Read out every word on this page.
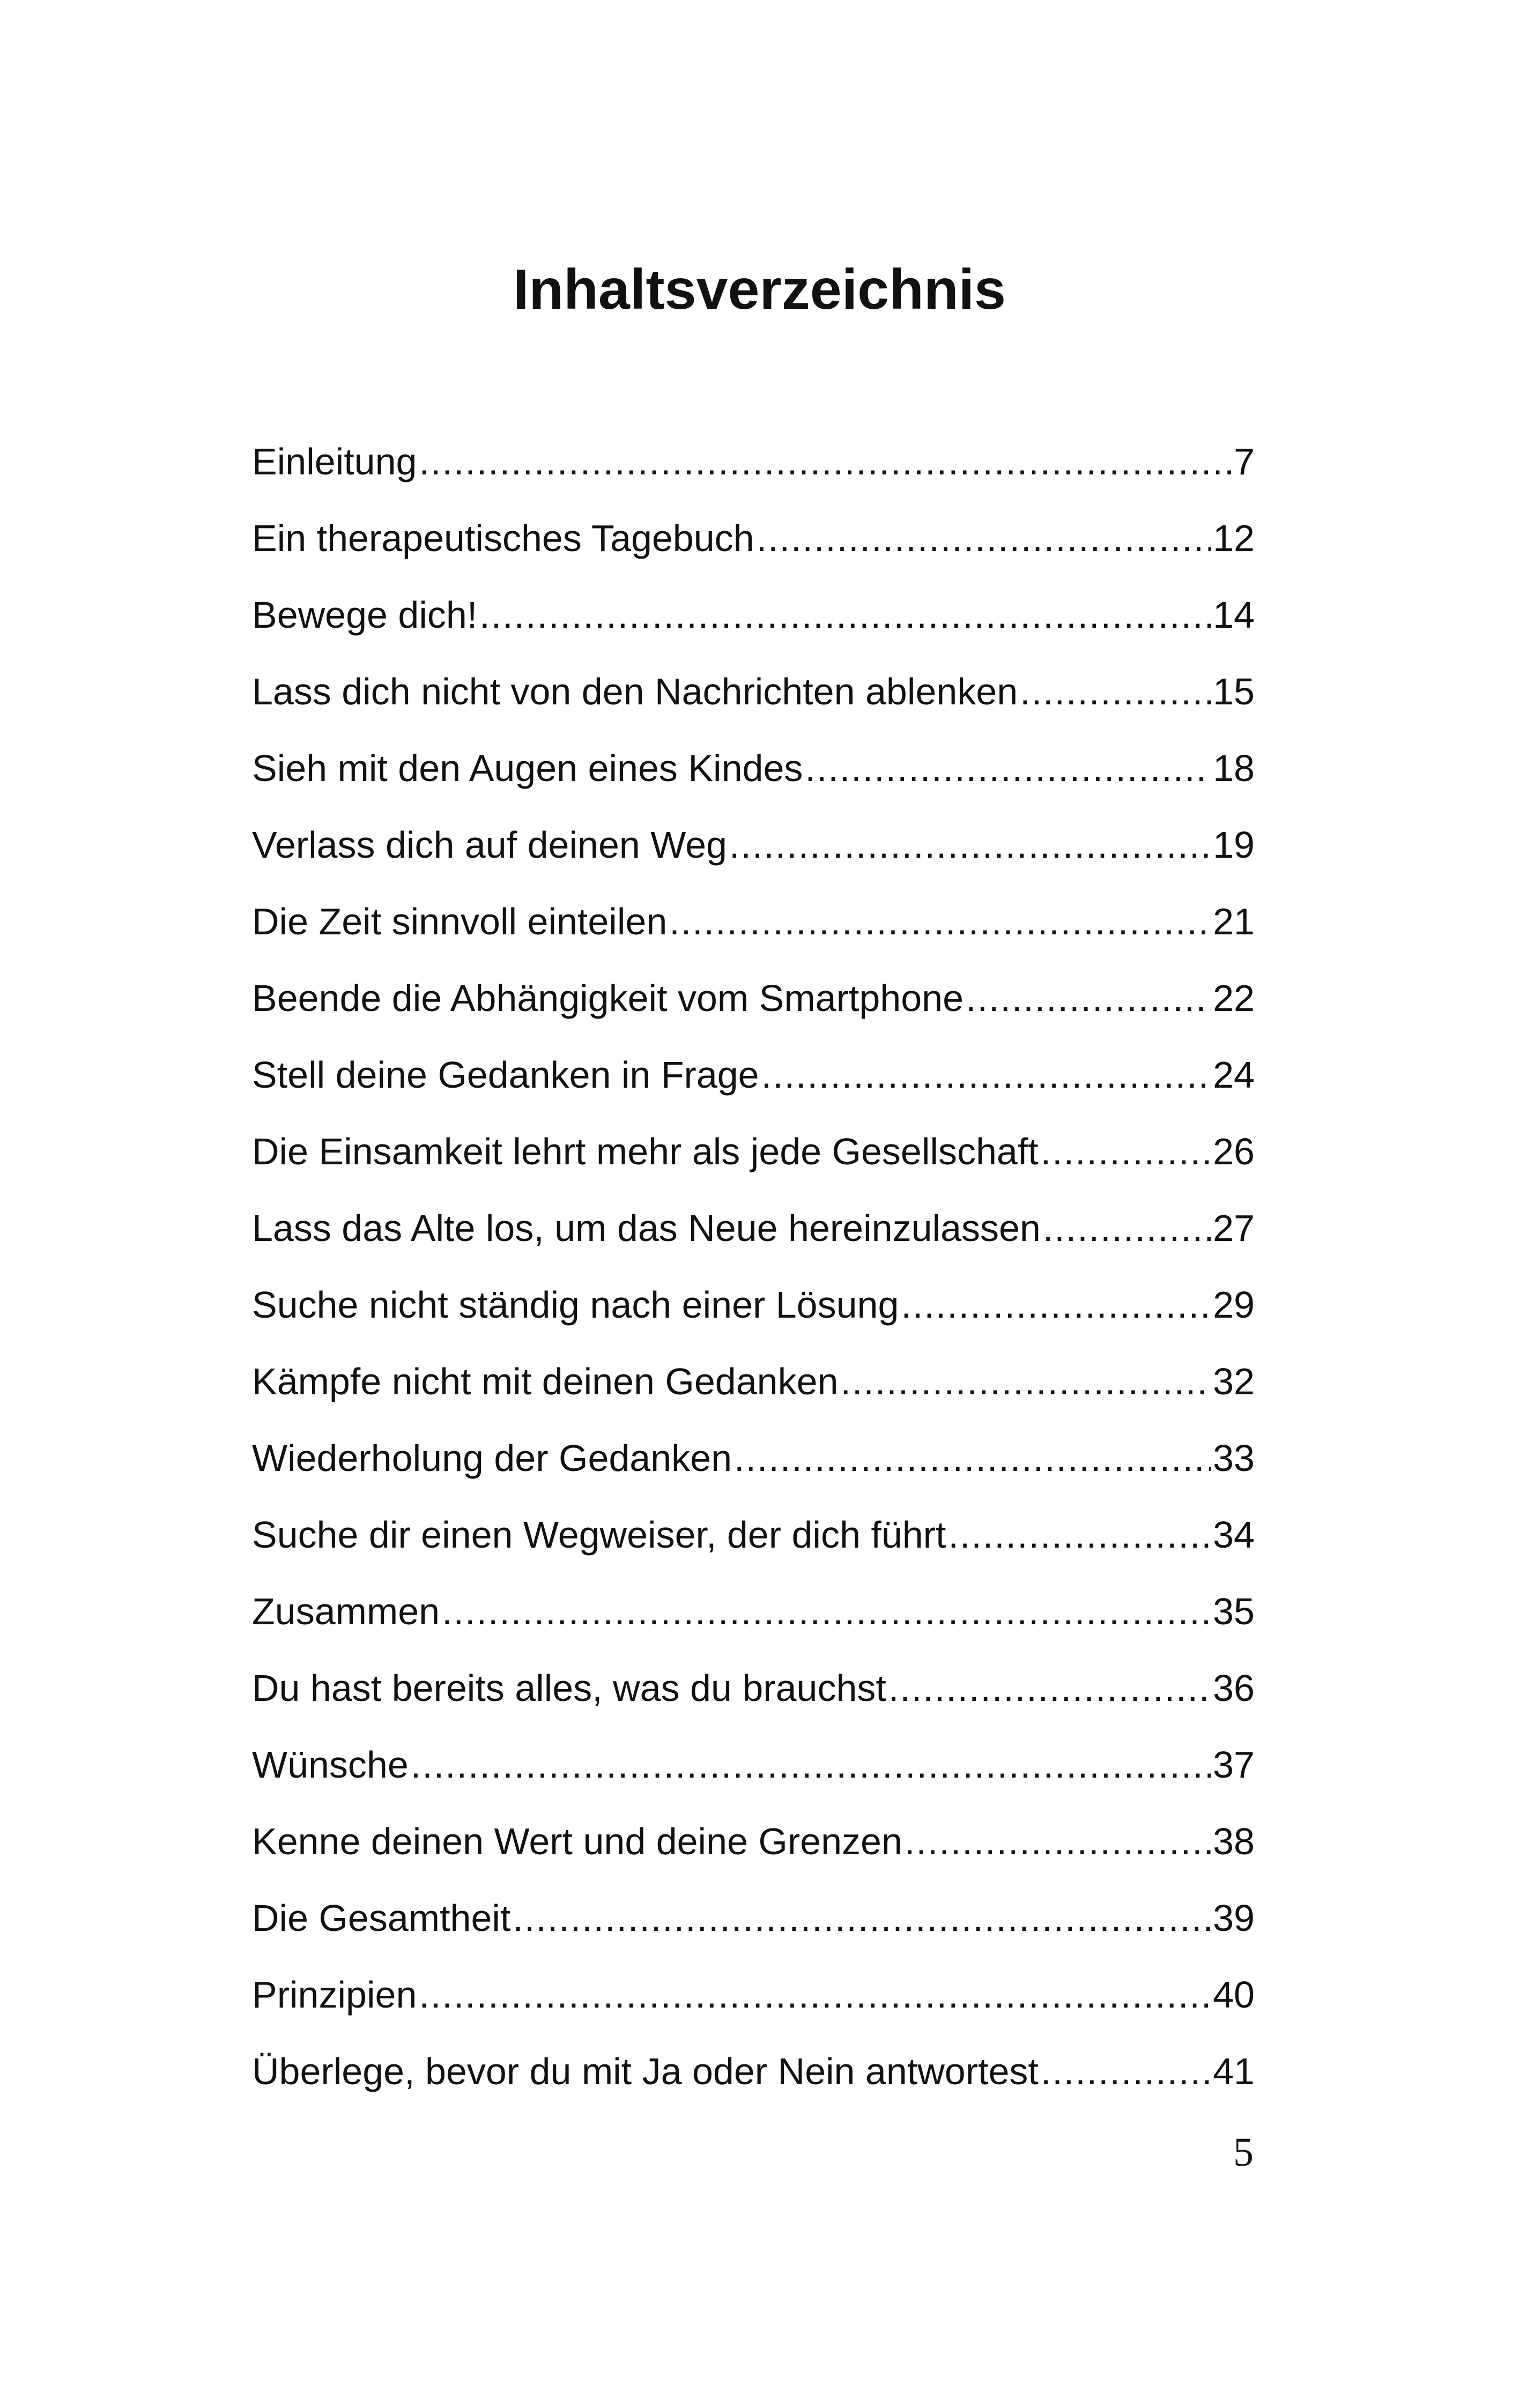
Inhaltsverzeichnis
Einleitung .....	7
Ein therapeutisches Tagebuch .....	12
Bewege dich! .....	14
Lass dich nicht von den Nachrichten ablenken .....	15
Sieh mit den Augen eines Kindes .....	18
Verlass dich auf deinen Weg .....	19
Die Zeit sinnvoll einteilen .....	21
Beende die Abhängigkeit vom Smartphone .....	22
Stell deine Gedanken in Frage .....	24
Die Einsamkeit lehrt mehr als jede Gesellschaft .....	26
Lass das Alte los, um das Neue hereinzulassen .....	27
Suche nicht ständig nach einer Lösung .....	29
Kämpfe nicht mit deinen Gedanken .....	32
Wiederholung der Gedanken .....	33
Suche dir einen Wegweiser, der dich führt .....	34
Zusammen .....	35
Du hast bereits alles, was du brauchst .....	36
Wünsche .....	37
Kenne deinen Wert und deine Grenzen .....	38
Die Gesamtheit .....	39
Prinzipien .....	40
Überlege, bevor du mit Ja oder Nein antwortest .....	41
5
